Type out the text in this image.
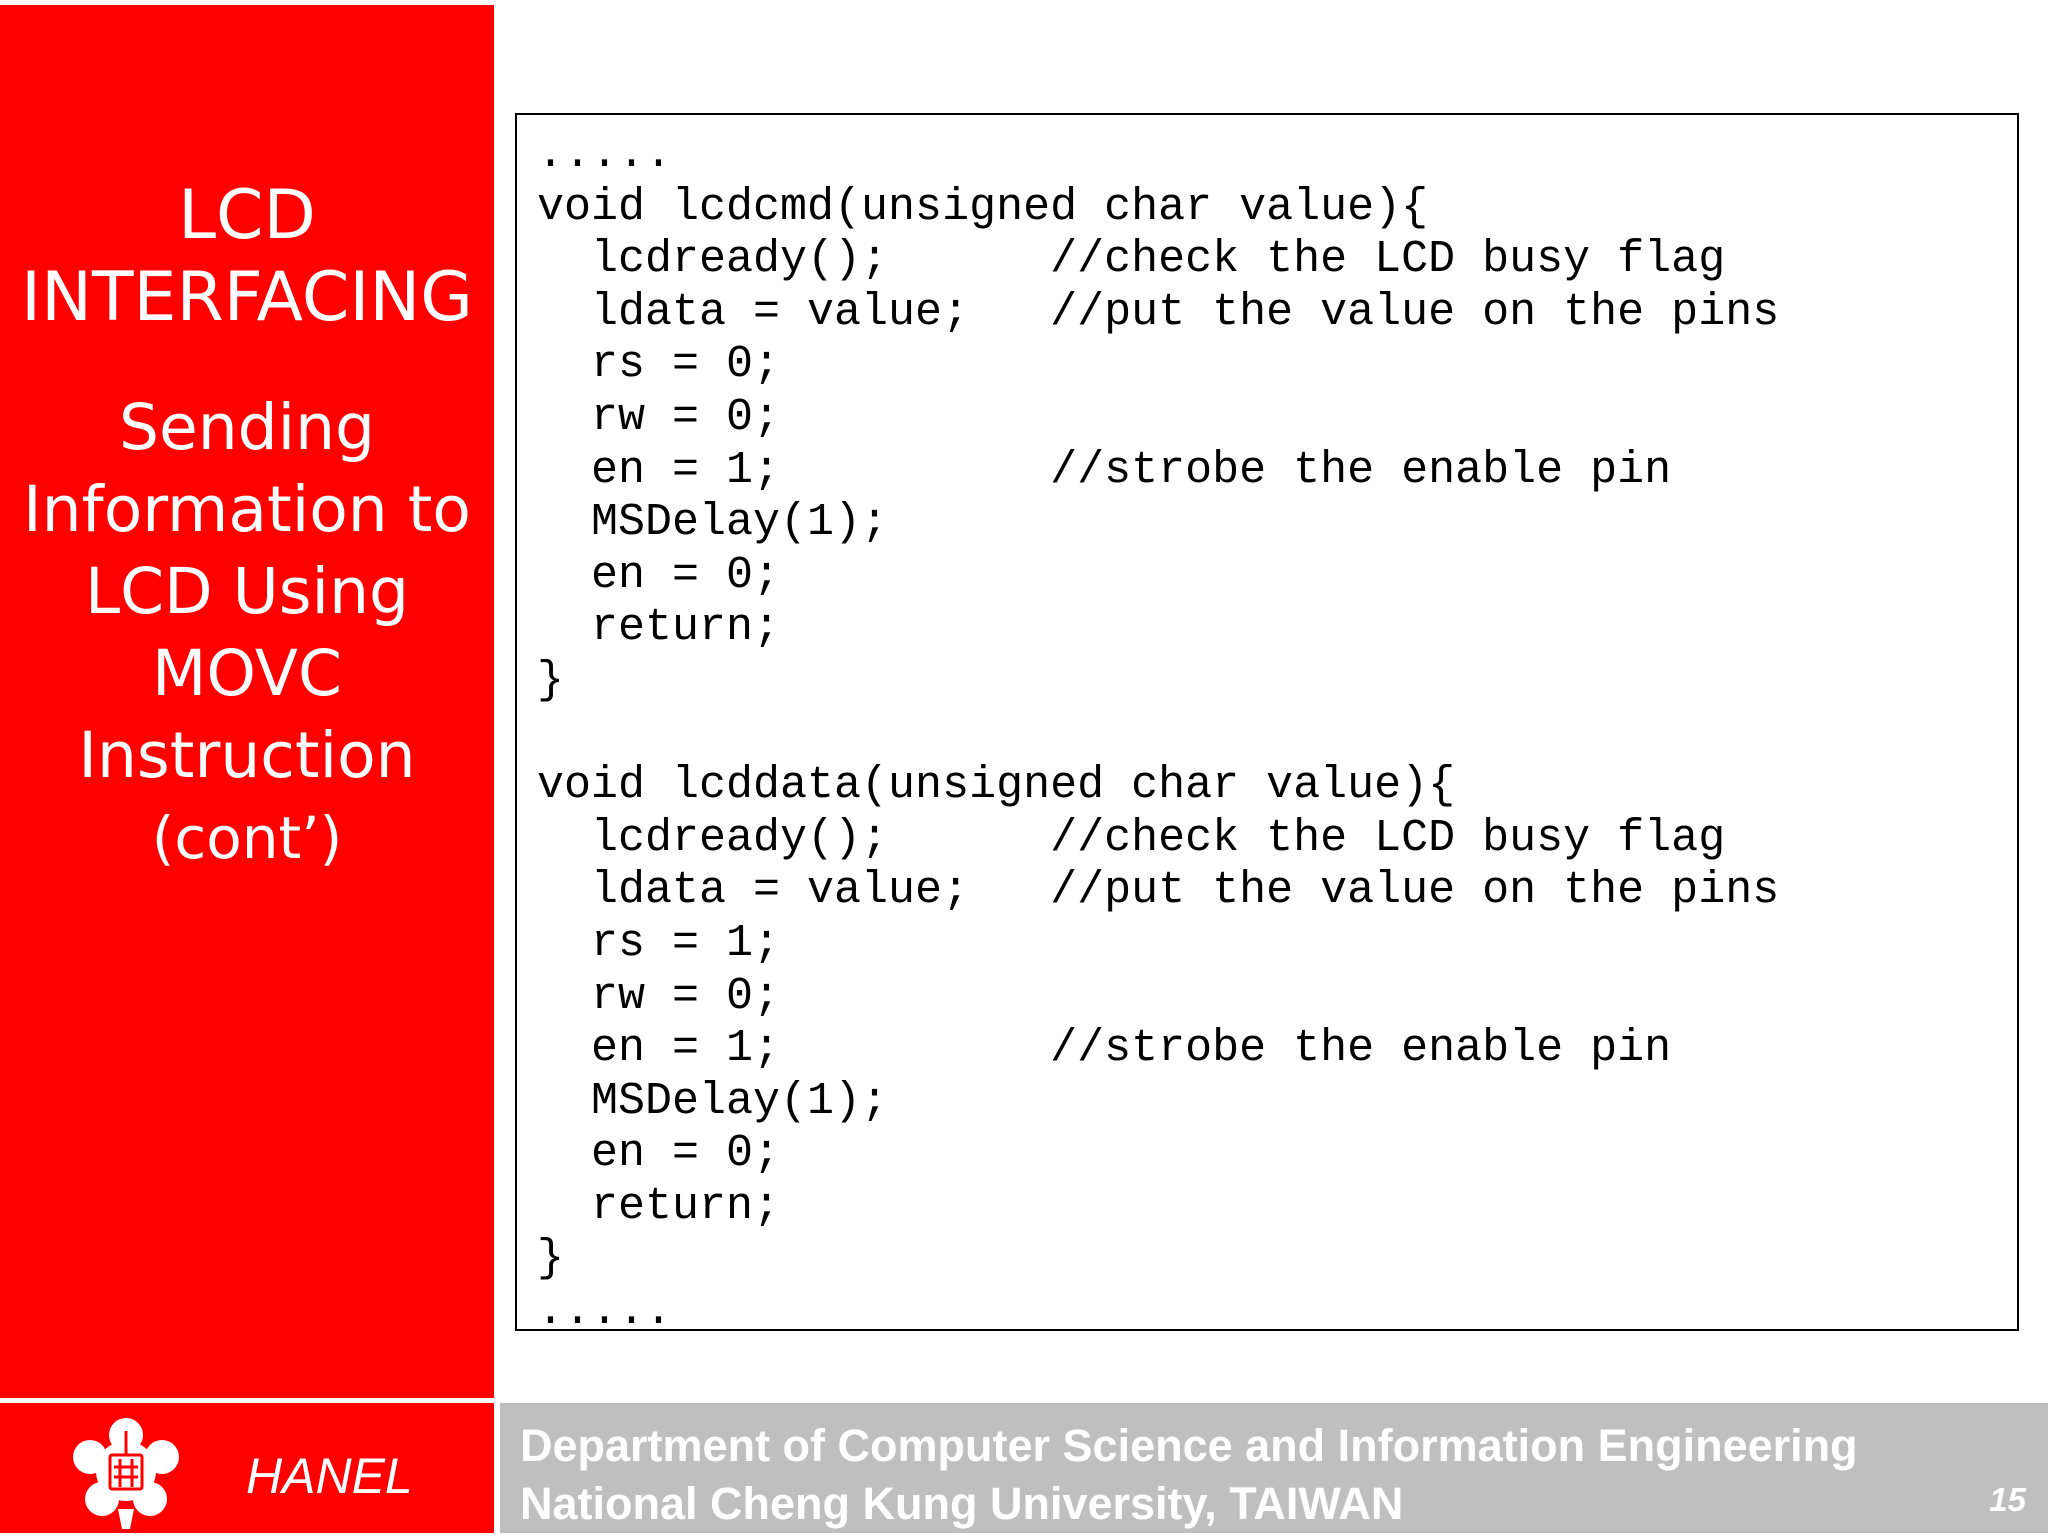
LCD
INTERFACING
Sending
Information to
LCD Using
MOVC
Instruction
(cont’)
.....
void lcdcmd(unsigned char value){
lcdready();      //check the LCD busy flag
ldata = value;   //put the value on the pins
rs = 0;
rw = 0;
en = 1;          //strobe the enable pin
MSDelay(1);
en = 0;
return;
}
void lcddata(unsigned char value){
lcdready();      //check the LCD busy flag
ldata = value;   //put the value on the pins
rs = 1;
rw = 0;
en = 1;          //strobe the enable pin
MSDelay(1);
en = 0;
return;
}
.....
HANEL
Department of Computer Science and Information Engineering
National Cheng Kung University, TAIWAN	15
